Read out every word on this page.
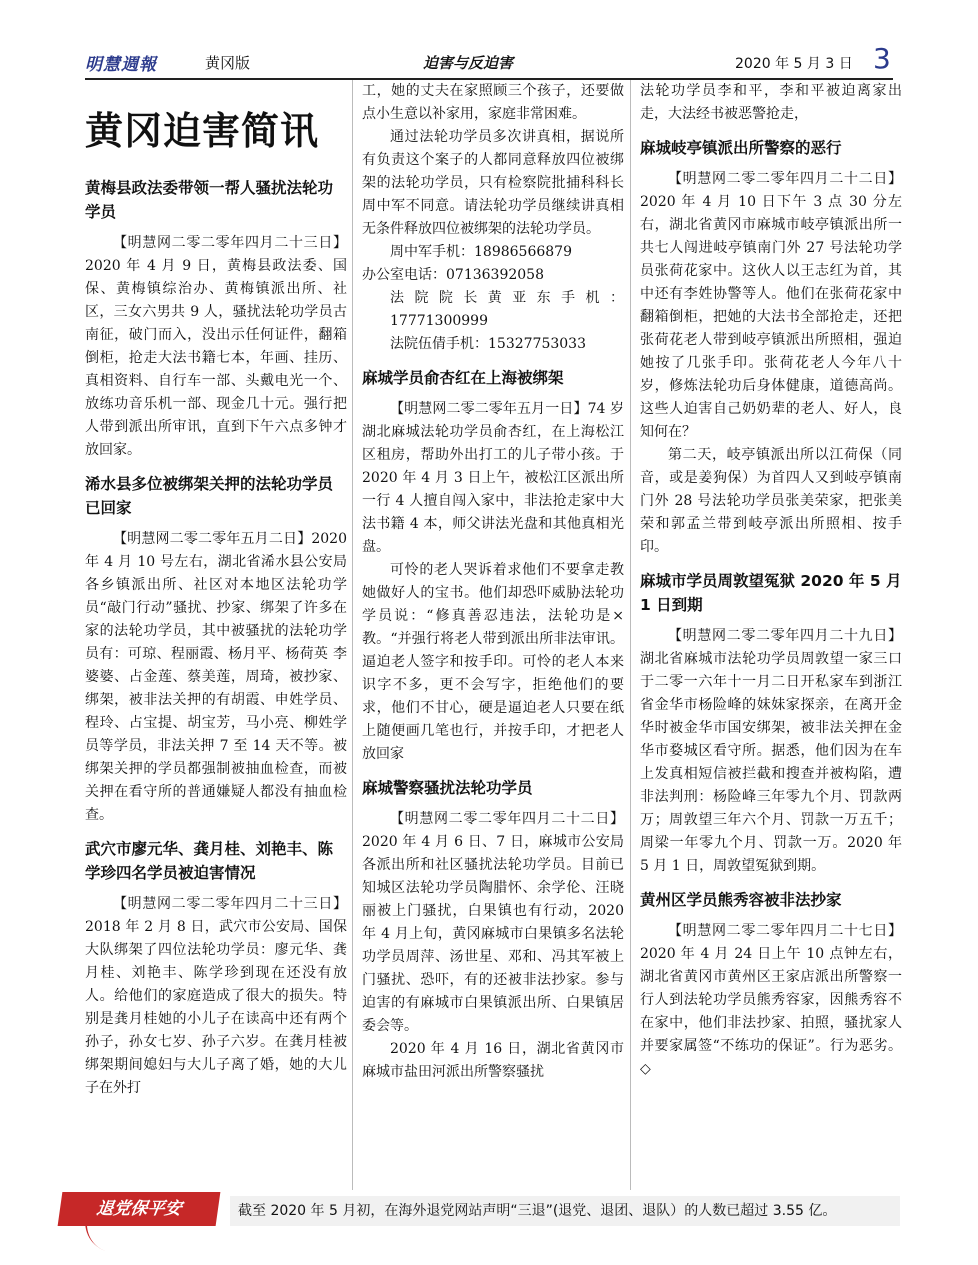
明慧週報	黄冈版	迫害与反迫害	2020 年 5 月 3 日 3
黄冈迫害简讯
黄梅县政法委带领一帮人骚扰法轮功学员

【明慧网二零二零年四月二十三日】2020 年 4 月 9 日，黄梅县政法委、国保、黄梅镇综治办、黄梅镇派出所、社区，三女六男共 9 人，骚扰法轮功学员古南征，破门而入，没出示任何证件，翻箱倒柜，抢走大法书籍七本，年画、挂历、真相资料、自行车一部、头戴电光一个、放练功音乐机一部、现金几十元。强行把人带到派出所审讯，直到下午六点多钟才放回家。

浠水县多位被绑架关押的法轮功学员已回家

【明慧网二零二零年五月二日】2020 年 4 月 10 号左右，湖北省浠水县公安局各乡镇派出所、社区对本地区法轮功学员“敲门行动”骚扰、抄家、绑架了许多在家的法轮功学员，其中被骚扰的法轮功学员有：可琼、程丽霞、杨月平、杨荷英 李婆婆、占金莲、蔡美莲，周琦，被抄家、绑架，被非法关押的有胡霞、申姓学员、程玲、占宝提、胡宝芳，马小亮、柳姓学员等学员，非法关押 7 至 14 天不等。被绑架关押的学员都强制被抽血检查，而被关押在看守所的普通嫌疑人都没有抽血检查。

武穴市廖元华、龚月桂、刘艳丰、陈学珍四名学员被迫害情况

【明慧网二零二零年四月二十三日】2018 年 2 月 8 日，武穴市公安局、国保大队绑架了四位法轮功学员：廖元华、龚月桂、刘艳丰、陈学珍到现在还没有放人。给他们的家庭造成了很大的损失。特别是龚月桂她的小儿子在读高中还有两个孙子，孙女七岁、孙子六岁。在龚月桂被绑架期间媳妇与大儿子离了婚，她的大儿子在外打

工，她的丈夫在家照顾三个孩子，还要做点小生意以补家用，家庭非常困难。

通过法轮功学员多次讲真相，据说所有负责这个案子的人都同意释放四位被绑架的法轮功学员，只有检察院批捕科科长周中军不同意。请法轮功学员继续讲真相无条件释放四位被绑架的法轮功学员。

周中军手机：18986566879

办公室电话：07136392058

法院院长黄亚东手机：17771300999

法院伍倩手机：15327753033

麻城学员俞杏红在上海被绑架

【明慧网二零二零年五月一日】74 岁湖北麻城法轮功学员俞杏红，在上海松江区租房，帮助外出打工的儿子带小孩。于 2020 年 4 月 3 日上午，被松江区派出所一行 4 人擅自闯入家中，非法抢走家中大法书籍 4 本，师父讲法光盘和其他真相光盘。

可怜的老人哭诉着求他们不要拿走教她做好人的宝书。他们却恐吓威胁法轮功学员说：“修真善忍违法，法轮功是×教。“并强行将老人带到派出所非法审讯。逼迫老人签字和按手印。可怜的老人本来识字不多，更不会写字，拒绝他们的要求，他们不甘心，硬是逼迫老人只要在纸上随便画几笔也行，并按手印，才把老人放回家

麻城警察骚扰法轮功学员

【明慧网二零二零年四月二十二日】2020 年 4 月 6 日、7 日，麻城市公安局各派出所和社区骚扰法轮功学员。目前已知城区法轮功学员陶腊怀、余学伦、汪晓丽被上门骚扰，白果镇也有行动，2020 年 4 月上旬，黄冈麻城市白果镇多名法轮功学员周萍、汤世星、邓和、冯其军被上门骚扰、恐吓，有的还被非法抄家。参与迫害的有麻城市白果镇派出所、白果镇居委会等。

2020 年 4 月 16 日，湖北省黄冈市麻城市盐田河派出所警察骚扰

法轮功学员李和平，李和平被迫离家出走，大法经书被恶警抢走，

麻城岐亭镇派出所警察的恶行

【明慧网二零二零年四月二十二日】2020 年 4 月 10 日下午 3 点 30 分左右，湖北省黄冈市麻城市岐亭镇派出所一共七人闯进岐亭镇南门外 27 号法轮功学员张荷花家中。这伙人以王志红为首，其中还有李姓协警等人。他们在张荷花家中翻箱倒柜，把她的大法书全部抢走，还把张荷花老人带到岐亭镇派出所照相，强迫她按了几张手印。张荷花老人今年八十岁，修炼法轮功后身体健康，道德高尚。这些人迫害自己奶奶辈的老人、好人，良知何在？

第二天，岐亭镇派出所以江荷保（同音，或是姜狗保）为首四人又到岐亭镇南门外 28 号法轮功学员张美荣家，把张美荣和郭孟兰带到岐亭派出所照相、按手印。

麻城市学员周敦望冤狱 2020 年 5 月 1 日到期

【明慧网二零二零年四月二十九日】湖北省麻城市法轮功学员周敦望一家三口于二零一六年十一月二日开私家车到浙江省金华市杨险峰的妹妹家探亲，在离开金华时被金华市国安绑架，被非法关押在金华市婺城区看守所。据悉，他们因为在车上发真相短信被拦截和搜查并被构陷，遭非法判刑：杨险峰三年零九个月、罚款两万；周敦望三年六个月、罚款一万五千；周梁一年零九个月、罚款一万。2020 年 5 月 1 日，周敦望冤狱到期。

黄州区学员熊秀容被非法抄家

【明慧网二零二零年四月二十七日】2020 年 4 月 24 日上午 10 点钟左右，湖北省黄冈市黄州区王家店派出所警察一行人到法轮功学员熊秀容家，因熊秀容不在家中，他们非法抄家、拍照，骚扰家人并要家属签“不练功的保证”。行为恶劣。◇

退党保平安	截至 2020 年 5 月初，在海外退党网站声明“三退”(退党、退团、退队）的人数已超过 3.55 亿。
